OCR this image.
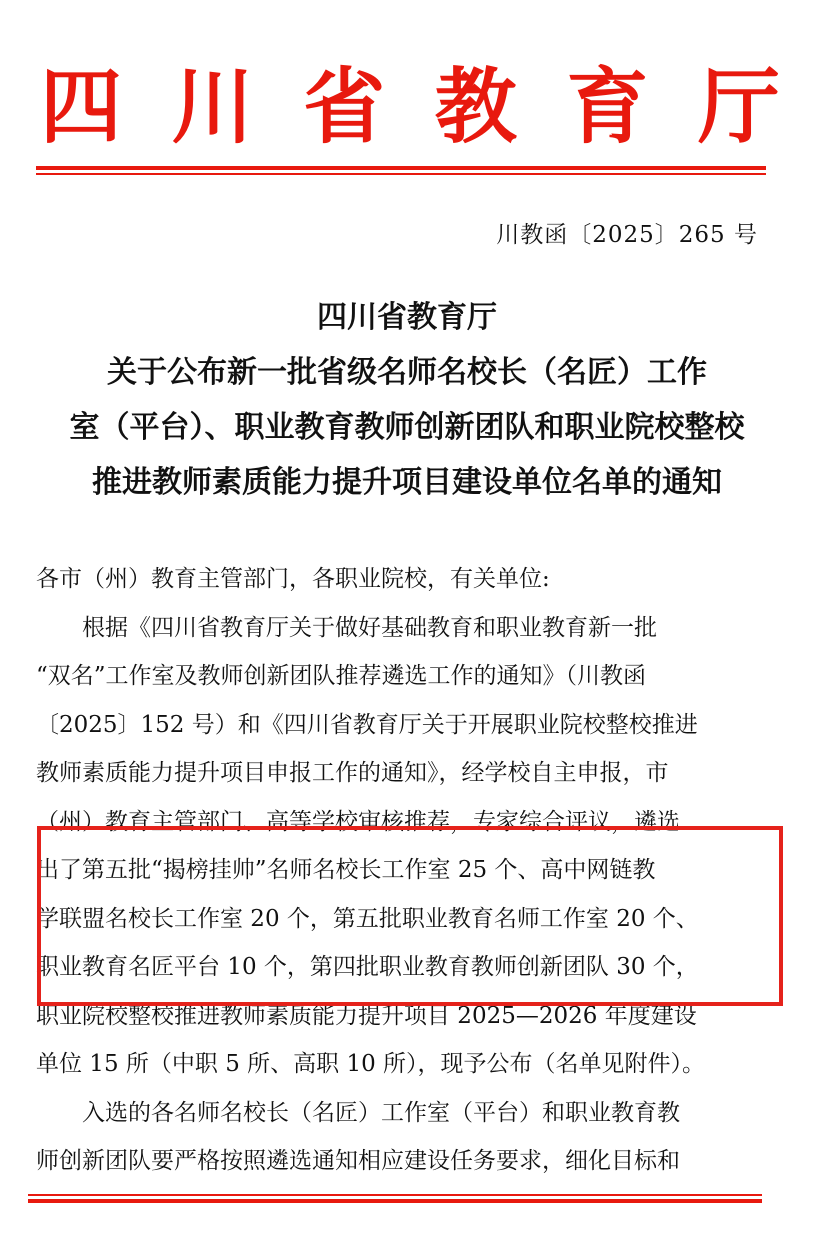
四 川 省 教 育 厅
川教函〔2025〕265 号
四川省教育厅
关于公布新一批省级名师名校长（名匠）工作
室（平台）、职业教育教师创新团队和职业院校整校
推进教师素质能力提升项目建设单位名单的通知
各市（州）教育主管部门，各职业院校，有关单位:
　　根据《四川省教育厅关于做好基础教育和职业教育新一批
“双名”工作室及教师创新团队推荐遴选工作的通知》（川教函
〔2025〕152 号）和《四川省教育厅关于开展职业院校整校推进
教师素质能力提升项目申报工作的通知》，经学校自主申报，市
（州）教育主管部门、高等学校审核推荐，专家综合评议，遴选
出了第五批“揭榜挂帅”名师名校长工作室 25 个、高中网链教
学联盟名校长工作室 20 个，第五批职业教育名师工作室 20 个、
职业教育名匠平台 10 个，第四批职业教育教师创新团队 30 个，
职业院校整校推进教师素质能力提升项目 2025—2026 年度建设
单位 15 所（中职 5 所、高职 10 所），现予公布（名单见附件）。
　　入选的各名师名校长（名匠）工作室（平台）和职业教育教
师创新团队要严格按照遴选通知相应建设任务要求，细化目标和
